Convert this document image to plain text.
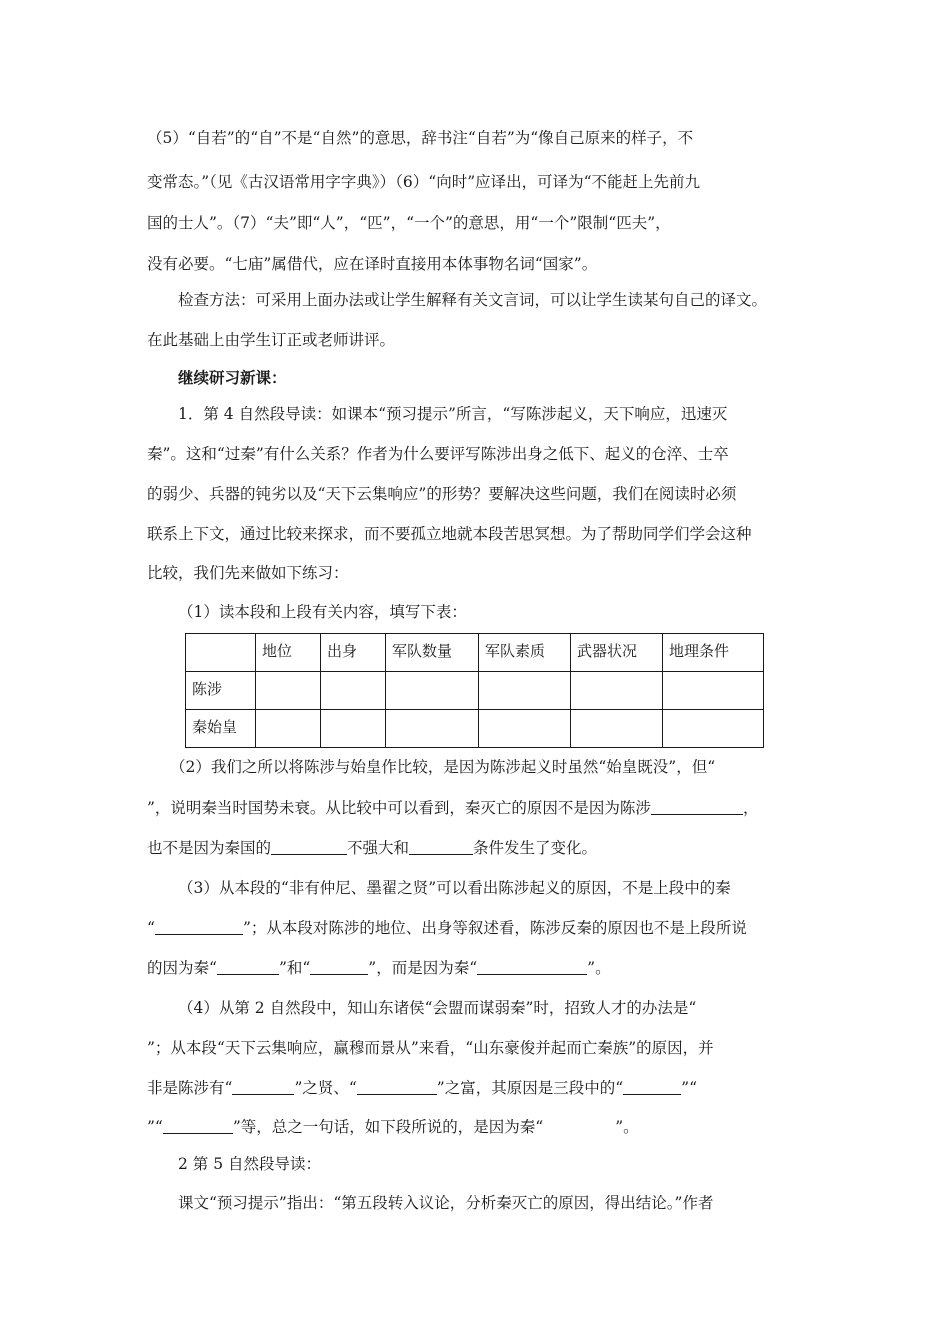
（5）“自若”的“自”不是“自然”的意思，辞书注“自若”为“像自己原来的样子，不
变常态。”（见《古汉语常用字字典》）（6）“向时”应译出，可译为“不能赶上先前九
国的士人”。（7）“夫”即“人”，“匹”，“一个”的意思，用“一个”限制“匹夫”，
没有必要。“七庙”属借代，应在译时直接用本体事物名词“国家”。
检查方法：可采用上面办法或让学生解释有关文言词，可以让学生读某句自己的译文。
在此基础上由学生订正或老师讲评。
继续研习新课：
1．第 4 自然段导读：如课本“预习提示”所言，“写陈涉起义，天下响应，迅速灭
秦”。这和“过秦”有什么关系？作者为什么要评写陈涉出身之低下、起义的仓淬、士卒
的弱少、兵器的钝劣以及“天下云集响应”的形势？要解决这些问题，我们在阅读时必须
联系上下文，通过比较来探求，而不要孤立地就本段苦思冥想。为了帮助同学们学会这种
比较，我们先来做如下练习：
（1）读本段和上段有关内容，填写下表：
	地位	出身	军队数量	军队素质	武器状况	地理条件
陈涉						
秦始皇						
（2）我们之所以将陈涉与始皇作比较，是因为陈涉起义时虽然“始皇既没”，但“
”，说明秦当时国势未衰。从比较中可以看到，秦灭亡的原因不是因为陈涉	，
也不是因为秦国的	不强大和	条件发生了变化。
（3）从本段的“非有仲尼、墨翟之贤”可以看出陈涉起义的原因，不是上段中的秦
“	”；从本段对陈涉的地位、出身等叙述看，陈涉反秦的原因也不是上段所说
的因为秦“	”和“	”，而是因为秦“	”。
（4）从第 2 自然段中，知山东诸侯“会盟而谋弱秦”时，招致人才的办法是“
”；从本段“天下云集响应，赢穆而景从”来看，“山东豪俊并起而亡秦族”的原因，并
非是陈涉有“	”之贤、“	”之富，其原因是三段中的“	”“
”“	”等，总之一句话，如下段所说的，是因为秦“	”。
2 第 5 自然段导读：
课文“预习提示”指出：“第五段转入议论，分析秦灭亡的原因，得出结论。”作者
